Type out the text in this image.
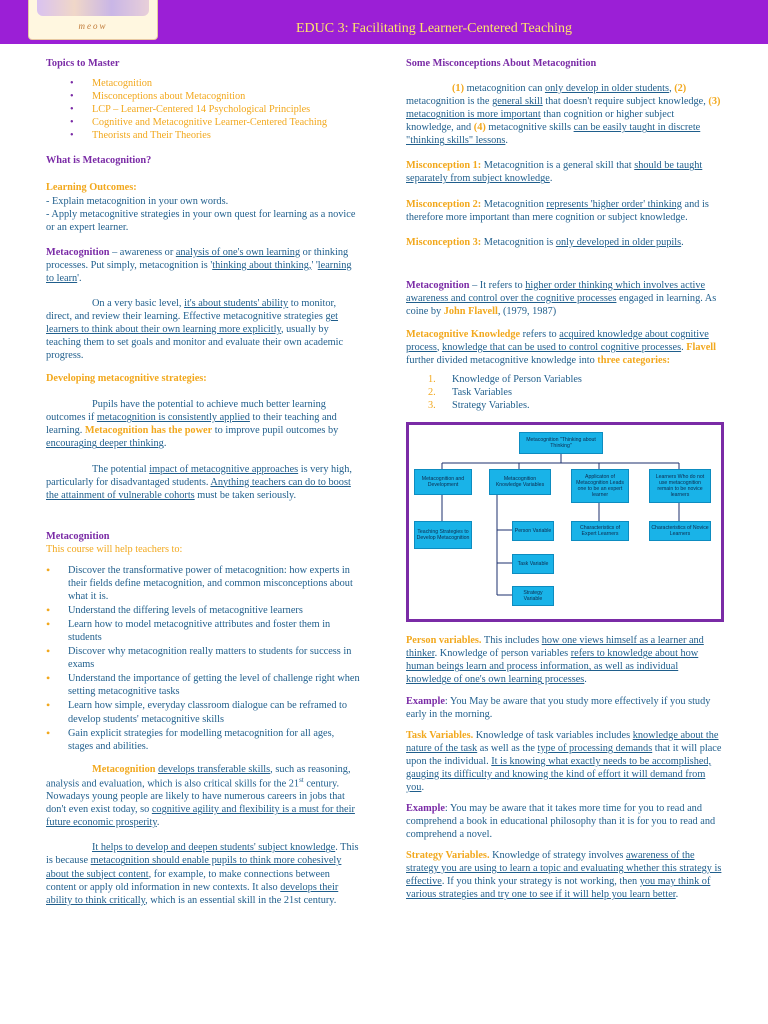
meow	EDUC 3: Facilitating Learner-Centered Teaching
Topics to Master
• Metacognition
• Misconceptions about Metacognition
• LCP – Learner-Centered 14 Psychological Principles
• Cognitive and Metacognitive Learner-Centered Teaching
• Theorists and Their Theories

What is Metacognition?

Learning Outcomes:
- Explain metacognition in your own words.

- Apply metacognitive strategies in your own quest for learning as a novice or an expert learner.

Metacognition – awareness or analysis of one's own learning or thinking processes. Put simply, metacognition is 'thinking about thinking,' 'learning to learn'.

On a very basic level, it's about students' ability to monitor, direct, and review their learning. Effective metacognitive strategies get learners to think about their own learning more explicitly, usually by teaching them to set goals and monitor and evaluate their own academic progress.

Developing metacognitive strategies:

Pupils have the potential to achieve much better learning outcomes if metacognition is consistently applied to their teaching and learning. Metacognition has the power to improve pupil outcomes by encouraging deeper thinking.

The potential impact of metacognitive approaches is very high, particularly for disadvantaged students. Anything teachers can do to boost the attainment of vulnerable cohorts must be taken seriously.

Metacognition
This course will help teachers to:
• Discover the transformative power of metacognition: how experts in their fields define metacognition, and common misconceptions about what it is.
• Understand the differing levels of metacognitive learners
• Learn how to model metacognitive attributes and foster them in students
• Discover why metacognition really matters to students for success in exams
• Understand the importance of getting the level of challenge right when setting metacognitive tasks
• Learn how simple, everyday classroom dialogue can be reframed to develop students' metacognitive skills
• Gain explicit strategies for modelling metacognition for all ages, stages and abilities.

Metacognition develops transferable skills, such as reasoning, analysis and evaluation, which is also critical skills for the 21st century. Nowadays young people are likely to have numerous careers in jobs that don't even exist today, so cognitive agility and flexibility is a must for their future economic prosperity.

It helps to develop and deepen students' subject knowledge. This is because metacognition should enable pupils to think more cohesively about the subject content, for example, to make connections between content or apply old information in new contexts. It also develops their ability to think critically, which is an essential skill in the 21st century.

Some Misconceptions About Metacognition

(1) metacognition can only develop in older students, (2) metacognition is the general skill that doesn't require subject knowledge, (3) metacognition is more important than cognition or higher subject knowledge, and (4) metacognitive skills can be easily taught in discrete "thinking skills" lessons.

Misconception 1: Metacognition is a general skill that should be taught separately from subject knowledge.

Misconception 2: Metacognition represents 'higher order' thinking and is therefore more important than mere cognition or subject knowledge.

Misconception 3: Metacognition is only developed in older pupils.

Metacognition – It refers to higher order thinking which involves active awareness and control over the cognitive processes engaged in learning. As coine by John Flavell, (1979, 1987)

Metacognitive Knowledge refers to acquired knowledge about cognitive process, knowledge that can be used to control cognitive processes. Flavell further divided metacognitive knowledge into three categories:

1. Knowledge of Person Variables
2. Task Variables
3. Strategy Variables.
Metacognition "Thinking about Thinking"
Metacognition and Development
Metacognition Knowledge Variables
Applicaton of Metacognition Leads one to be an expert learner
Learners Who do not use metacognition remain to be novice learners
Teaching Strategies to Develop Metacognition
Person Variable
Characteristics of Expert Learners
Characteristics of Novice Learners
Task Variable
Strategy Variable

Person variables. This includes how one views himself as a learner and thinker. Knowledge of person variables refers to knowledge about how human beings learn and process information, as well as individual knowledge of one's own learning processes.

Example: You May be aware that you study more effectively if you study early in the morning.

Task Variables. Knowledge of task variables includes knowledge about the nature of the task as well as the type of processing demands that it will place upon the individual. It is knowing what exactly needs to be accomplished, gauging its difficulty and knowing the kind of effort it will demand from you.

Example: You may be aware that it takes more time for you to read and comprehend a book in educational philosophy than it is for you to read and comprehend a novel.

Strategy Variables. Knowledge of strategy involves awareness of the strategy you are using to learn a topic and evaluating whether this strategy is effective. If you think your strategy is not working, then you may think of various strategies and try one to see if it will help you learn better.
